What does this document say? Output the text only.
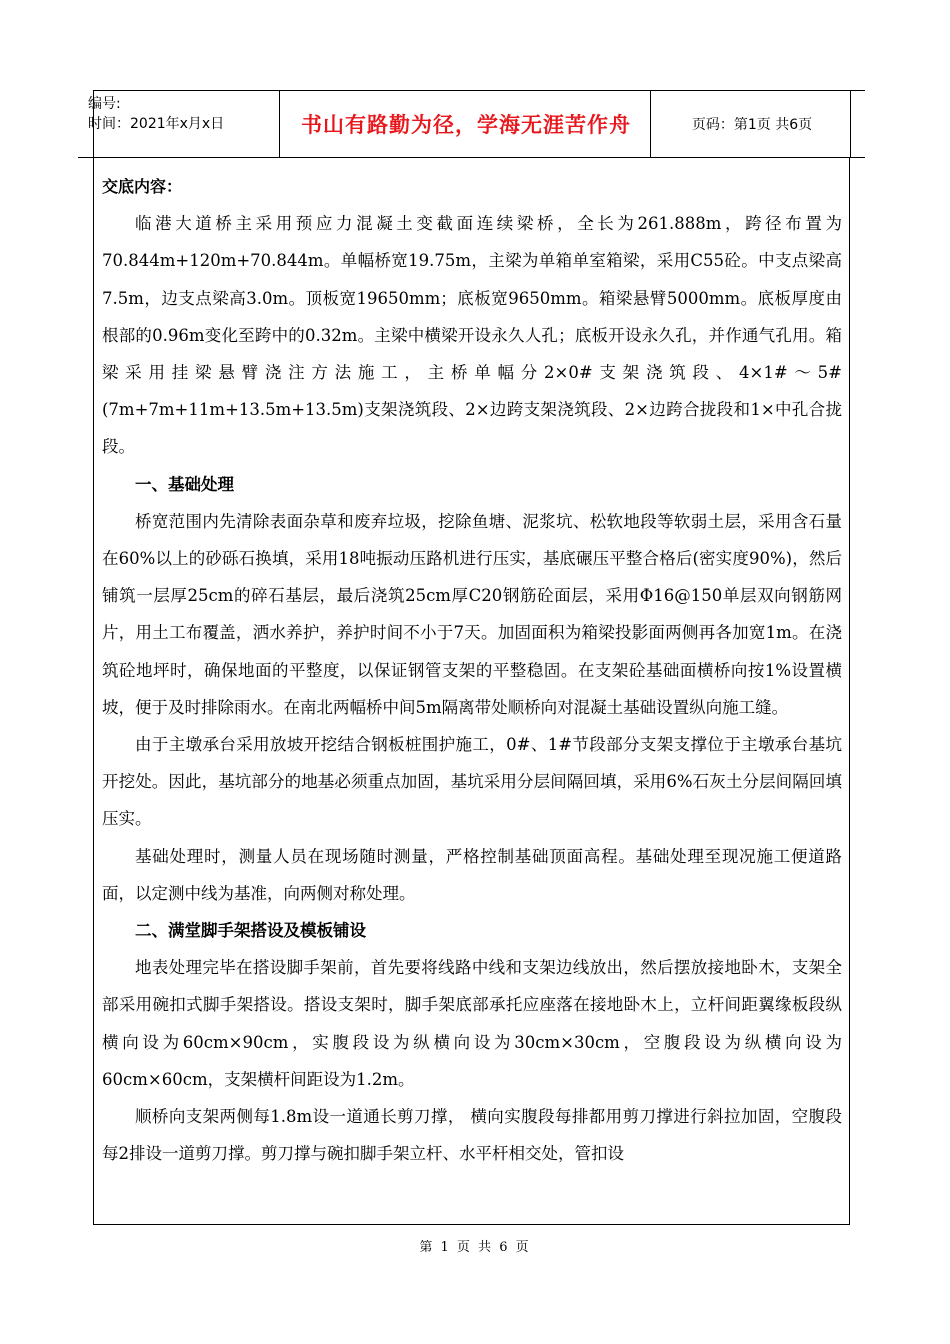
编号:
时间：2021年x月x日	书山有路勤为径，学海无涯苦作舟	页码：第1页 共6页

交底内容：

临港大道桥主采用预应力混凝土变截面连续梁桥，全长为261.888m，跨径布置为70.844m+120m+70.844m。单幅桥宽19.75m，主梁为单箱单室箱梁，采用C55砼。中支点梁高7.5m，边支点梁高3.0m。顶板宽19650mm；底板宽9650mm。箱梁悬臂5000mm。底板厚度由根部的0.96m变化至跨中的0.32m。主梁中横梁开设永久人孔；底板开设永久孔，并作通气孔用。箱梁采用挂梁悬臂浇注方法施工，主桥单幅分2×0#支架浇筑段、4×1#～5#(7m+7m+11m+13.5m+13.5m)支架浇筑段、2×边跨支架浇筑段、2×边跨合拢段和1×中孔合拢段。

一、基础处理

桥宽范围内先清除表面杂草和废弃垃圾，挖除鱼塘、泥浆坑、松软地段等软弱土层，采用含石量在60%以上的砂砾石换填，采用18吨振动压路机进行压实，基底碾压平整合格后(密实度90%)，然后铺筑一层厚25cm的碎石基层，最后浇筑25cm厚C20钢筋砼面层，采用Φ16@150单层双向钢筋网片，用土工布覆盖，洒水养护，养护时间不小于7天。加固面积为箱梁投影面两侧再各加宽1m。在浇筑砼地坪时，确保地面的平整度，以保证钢管支架的平整稳固。在支架砼基础面横桥向按1%设置横坡，便于及时排除雨水。在南北两幅桥中间5m隔离带处顺桥向对混凝土基础设置纵向施工缝。

由于主墩承台采用放坡开挖结合钢板桩围护施工，0#、1#节段部分支架支撑位于主墩承台基坑开挖处。因此，基坑部分的地基必须重点加固，基坑采用分层间隔回填，采用6%石灰土分层间隔回填压实。

基础处理时，测量人员在现场随时测量，严格控制基础顶面高程。基础处理至现况施工便道路面，以定测中线为基准，向两侧对称处理。

二、满堂脚手架搭设及模板铺设

地表处理完毕在搭设脚手架前，首先要将线路中线和支架边线放出，然后摆放接地卧木，支架全部采用碗扣式脚手架搭设。搭设支架时，脚手架底部承托应座落在接地卧木上，立杆间距翼缘板段纵横向设为60cm×90cm，实腹段设为纵横向设为30cm×30cm，空腹段设为纵横向设为60cm×60cm，支架横杆间距设为1.2m。

顺桥向支架两侧每1.8m设一道通长剪刀撑， 横向实腹段每排都用剪刀撑进行斜拉加固，空腹段每2排设一道剪刀撑。剪刀撑与碗扣脚手架立杆、水平杆相交处，管扣设

第 1 页 共 6 页
